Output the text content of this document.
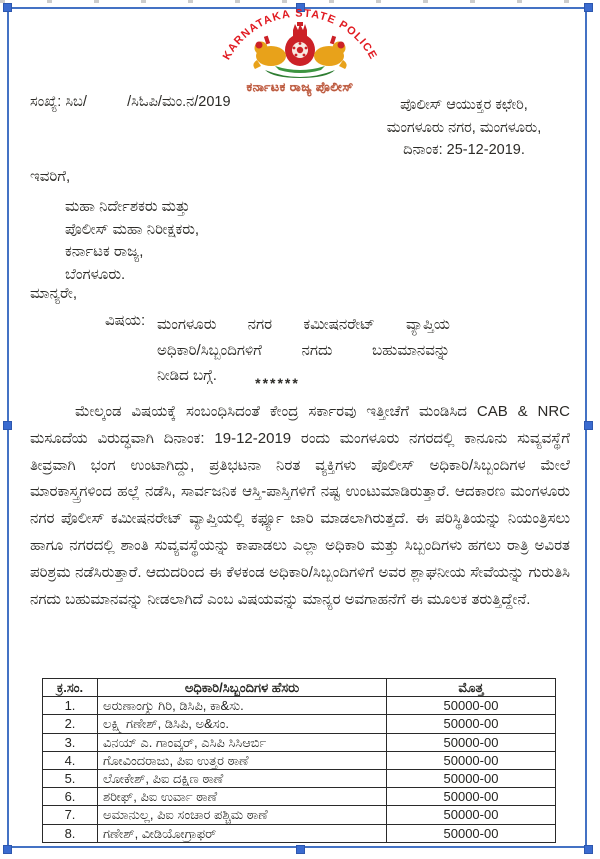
KARNATAKA STATE POLICE
ಕರ್ನಾಟಕ ರಾಜ್ಯ ಪೊಲೀಸ್
ಸಂಖ್ಯೆ: ಸಿಬ/          /ಸಿಓಪಿ/ಮಂ.ನ/2019	ಪೊಲೀಸ್ ಆಯುಕ್ತರ ಕಛೇರಿ,
ಮಂಗಳೂರು ನಗರ, ಮಂಗಳೂರು,
ದಿನಾಂಕ: 25-12-2019.
ಇವರಿಗೆ,
ಮಹಾ ನಿರ್ದೇಶಕರು ಮತ್ತು
ಪೊಲೀಸ್ ಮಹಾ ನಿರೀಕ್ಷಕರು,
ಕರ್ನಾಟಕ ರಾಜ್ಯ,
ಬೆಂಗಳೂರು.
ಮಾನ್ಯರೇ,
ವಿಷಯ: ಮಂಗಳೂರು ನಗರ ಕಮೀಷನರೇಟ್ ವ್ಯಾಪ್ತಿಯ
ಅಧಿಕಾರಿ/ಸಿಬ್ಬಂದಿಗಳಿಗೆ ನಗದು ಬಹುಮಾನವನ್ನು
ನೀಡಿದ ಬಗ್ಗೆ.	******
ಮೇಲ್ಕಂಡ ವಿಷಯಕ್ಕೆ ಸಂಬಂಧಿಸಿದಂತೆ ಕೇಂದ್ರ ಸರ್ಕಾರವು ಇತ್ತೀಚೆಗೆ ಮಂಡಿಸಿದ CAB & NRC ಮಸೂದೆಯ ವಿರುದ್ಧವಾಗಿ ದಿನಾಂಕ: 19-12-2019 ರಂದು ಮಂಗಳೂರು ನಗರದಲ್ಲಿ ಕಾನೂನು ಸುವ್ಯವಸ್ಥೆಗೆ ತೀವ್ರವಾಗಿ ಭಂಗ ಉಂಟಾಗಿದ್ದು, ಪ್ರತಿಭಟನಾ ನಿರತ ವ್ಯಕ್ತಿಗಳು ಪೊಲೀಸ್ ಅಧಿಕಾರಿ/ಸಿಬ್ಬಂದಿಗಳ ಮೇಲೆ ಮಾರಕಾಸ್ತ್ರಗಳಿಂದ ಹಲ್ಲೆ ನಡೆಸಿ, ಸಾರ್ವಜನಿಕ ಆಸ್ತಿ-ಪಾಸ್ತಿಗಳಿಗೆ ನಷ್ಟ ಉಂಟುಮಾಡಿರುತ್ತಾರೆ. ಆದಕಾರಣ ಮಂಗಳೂರು ನಗರ ಪೊಲೀಸ್ ಕಮೀಷನರೇಟ್ ವ್ಯಾಪ್ತಿಯಲ್ಲಿ ಕರ್ಫ್ಯೂ ಜಾರಿ ಮಾಡಲಾಗಿರುತ್ತದೆ. ಈ ಪರಿಸ್ಥಿತಿಯನ್ನು ನಿಯಂತ್ರಿಸಲು ಹಾಗೂ ನಗರದಲ್ಲಿ ಶಾಂತಿ ಸುವ್ಯವಸ್ಥೆಯನ್ನು ಕಾಪಾಡಲು ಎಲ್ಲಾ ಅಧಿಕಾರಿ ಮತ್ತು ಸಿಬ್ಬಂದಿಗಳು ಹಗಲು ರಾತ್ರಿ ಅವಿರತ ಪರಿಶ್ರಮ ನಡೆಸಿರುತ್ತಾರೆ. ಆದುದರಿಂದ ಈ ಕೆಳಕಂಡ ಅಧಿಕಾರಿ/ಸಿಬ್ಬಂದಿಗಳಿಗೆ ಅವರ ಶ್ಲಾಘನೀಯ ಸೇವೆಯನ್ನು ಗುರುತಿಸಿ ನಗದು ಬಹುಮಾನವನ್ನು ನೀಡಲಾಗಿದೆ ಎಂಬ ವಿಷಯವನ್ನು ಮಾನ್ಯರ ಅವಗಾಹನೆಗೆ ಈ ಮೂಲಕ ತರುತ್ತಿದ್ದೇನೆ.
ಕ್ರ.ಸಂ.	ಅಧಿಕಾರಿ/ಸಿಬ್ಬಂದಿಗಳ ಹೆಸರು	ಮೊತ್ತ
1.	ಅರುಣಾಂಗ್ಶು ಗಿರಿ, ಡಿಸಿಪಿ, ಕಾ&ಸು.	50000-00
2.	ಲಕ್ಷ್ಮಿ ಗಣೇಶ್, ಡಿಸಿಪಿ, ಅ&ಸಂ.	50000-00
3.	ವಿನಯ್ ಎ. ಗಾಂವ್ಕರ್, ಎಸಿಪಿ ಸಿಸಿಆರ್ಬಿ	50000-00
4.	ಗೋವಿಂದರಾಜು, ಪಿಐ ಉತ್ತರ ಠಾಣೆ	50000-00
5.	ಲೋಕೇಶ್, ಪಿಐ ದಕ್ಷಿಣ ಠಾಣೆ	50000-00
6.	ಶರೀಫ್, ಪಿಐ ಉರ್ವಾ ಠಾಣೆ	50000-00
7.	ಅಮಾನುಲ್ಲ, ಪಿಐ ಸಂಚಾರ ಪಶ್ಚಿಮ ಠಾಣೆ	50000-00
8.	ಗಣೇಶ್, ವೀಡಿಯೋಗ್ರಾಫರ್	50000-00
